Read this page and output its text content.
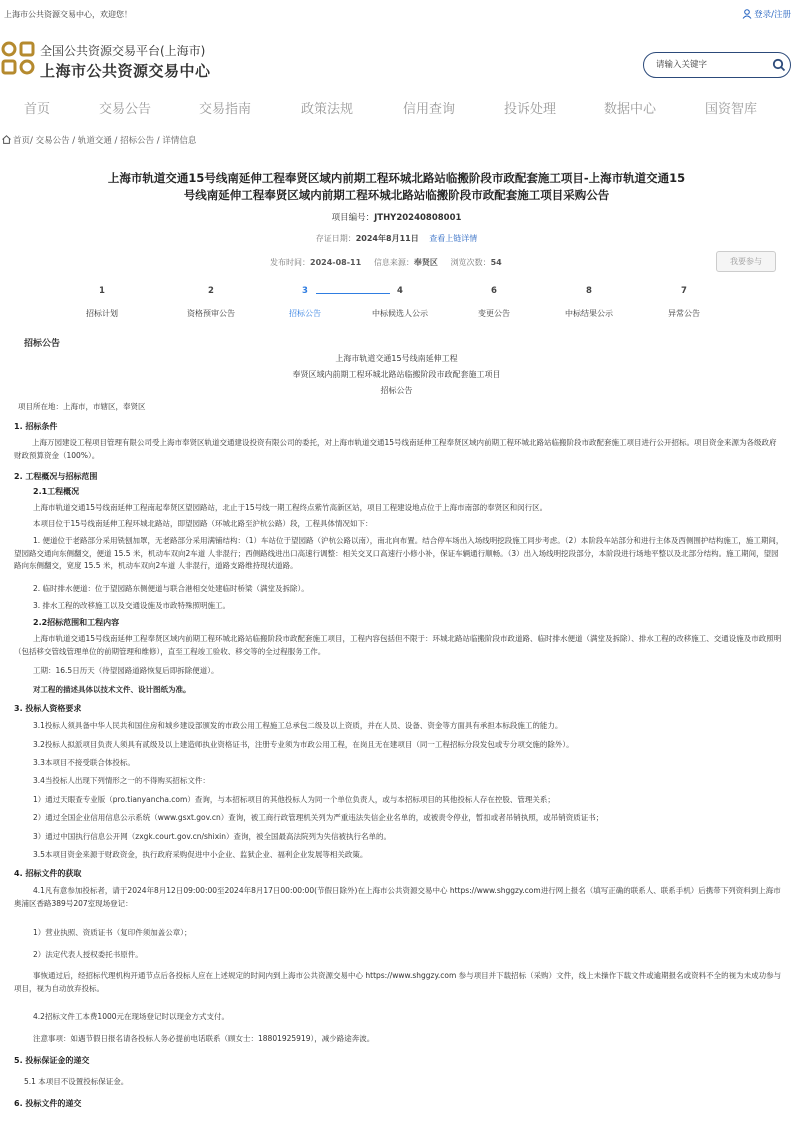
上海市公共资源交易中心，欢迎您！	登录/注册
全国公共资源交易平台(上海市)
上海市公共资源交易中心
请输入关键字
首页	交易公告	交易指南	政策法规	信用查询	投诉处理	数据中心	国资智库
首页/ 交易公告 / 轨道交通 / 招标公告 / 详情信息
上海市轨道交通15号线南延伸工程奉贤区域内前期工程环城北路站临搬阶段市政配套施工项目-上海市轨道交通15
号线南延伸工程奉贤区域内前期工程环城北路站临搬阶段市政配套施工项目采购公告
项目编号：JTHY20240808001
存证日期：2024年8月11日 查看上链详情
发布时间：2024-08-11 信息来源：奉贤区 浏览次数：54	我要参与
1
招标计划
2
资格预审公告
3
招标公告
4
中标候选人公示
6
变更公告
8
中标结果公示
7
异常公告
招标公告
上海市轨道交通15号线南延伸工程
奉贤区域内前期工程环城北路站临搬阶段市政配套施工项目
招标公告
项目所在地：上海市，市辖区，奉贤区
1. 招标条件
上海万园建设工程项目管理有限公司受上海市奉贤区轨道交通建设投资有限公司的委托，对上海市轨道交通15号线南延伸工程奉贤区域内前期工程环城北路站临搬阶段市政配套施工项目进行公开招标。项目资金来源为各级政府财政预算资金（100%）。
2. 工程概况与招标范围
2.1工程概况
上海市轨道交通15号线南延伸工程南起奉贤区望园路站，北止于15号线一期工程终点紫竹高新区站，项目工程建设地点位于上海市南部的奉贤区和闵行区。
本项目位于15号线南延伸工程环城北路站，即望园路（环城北路至沪杭公路）段，工程具体情况如下：
1. 便道位于老路部分采用铣刨加罩，无老路部分采用满铺结构：（1）车站位于望园路（沪杭公路以南），南北向布置。结合停车场出入场线明挖段施工同步考虑。（2）本阶段车站部分和进行主体及西侧围护结构施工，施工期间，望园路交通向东侧翻交，便道 15.5 米，机动车双向2车道 人非混行；西侧路线进出口高速行调整：相关交叉口高速行小修小补，保证车辆通行顺畅。（3）出入场线明挖段部分，本阶段进行场地平整以及北部分结构。施工期间，望园路向东侧翻交，宽度 15.5 米，机动车双向2车道 人非混行，道路支路维持现状道路。
2. 临时排水便道：位于望园路东侧便道与联合港相交处建临时桥梁（满堂及拆除）。
3. 排水工程的改移施工以及交通设施及市政特殊照明施工。
2.2招标范围和工程内容
上海市轨道交通15号线南延伸工程奉贤区域内前期工程环城北路站临搬阶段市政配套施工项目，工程内容包括但不限于：环城北路站临搬阶段市政道路、临时排水便道（满堂及拆除）、排水工程的改移施工、交通设施及市政照明（包括移交管线管理单位的前期管理和维修），直至工程竣工验收、移交等的全过程服务工作。
工期：16.5日历天（待望园路道路恢复后即拆除便道）。
对工程的描述具体以技术文件、设计图纸为准。
3. 投标人资格要求
3.1投标人须具备中华人民共和国住房和城乡建设部颁发的市政公用工程施工总承包二级及以上资质，并在人员、设备、资金等方面具有承担本标段施工的能力。
3.2投标人拟派项目负责人须具有贰级及以上建造师执业资格证书，注册专业须为市政公用工程，在岗且无在建项目（同一工程招标分段发包或专分项交施的除外）。
3.3本项目不接受联合体投标。
3.4当投标人出现下列情形之一的不得购买招标文件：
1）通过天眼查专业版（pro.tianyancha.com）查询，与本招标项目的其他投标人为同一个单位负责人，或与本招标项目的其他投标人存在控股、管理关系；
2）通过全国企业信用信息公示系统（www.gsxt.gov.cn）查询，被工商行政管理机关列为严重违法失信企业名单的，或被责令停业，暂扣或者吊销执照，或吊销资质证书；
3）通过中国执行信息公开网（zxgk.court.gov.cn/shixin）查询，被全国最高法院列为失信被执行名单的。
3.5本项目资金来源于财政资金，执行政府采购促进中小企业、监狱企业、福利企业发展等相关政策。
4. 招标文件的获取
4.1凡有意参加投标者，请于2024年8月12日09:00:00至2024年8月17日00:00:00(节假日除外)在上海市公共资源交易中心 https://www.shggzy.com进行网上报名（填写正确的联系人、联系手机）后携带下列资料到上海市奥浦区香路389号207室现场登记：
1）营业执照、资质证书（复印件须加盖公章）；
2）法定代表人授权委托书原件。
事恢通过后，经招标代理机构开通节点后各投标人应在上述规定的时间内到上海市公共资源交易中心 https://www.shggzy.com 参与项目并下载招标（采购）文件，线上未操作下载文件或逾期报名或资料不全的视为未成功参与项目，视为自动放弃投标。
4.2招标文件工本费1000元在现场登记时以现金方式支付。
注意事项：如遇节假日报名请各投标人务必提前电话联系（顾女士：18801925919），减少路途奔波。
5. 投标保证金的递交
5.1 本项目不设置投标保证金。
6. 投标文件的递交
